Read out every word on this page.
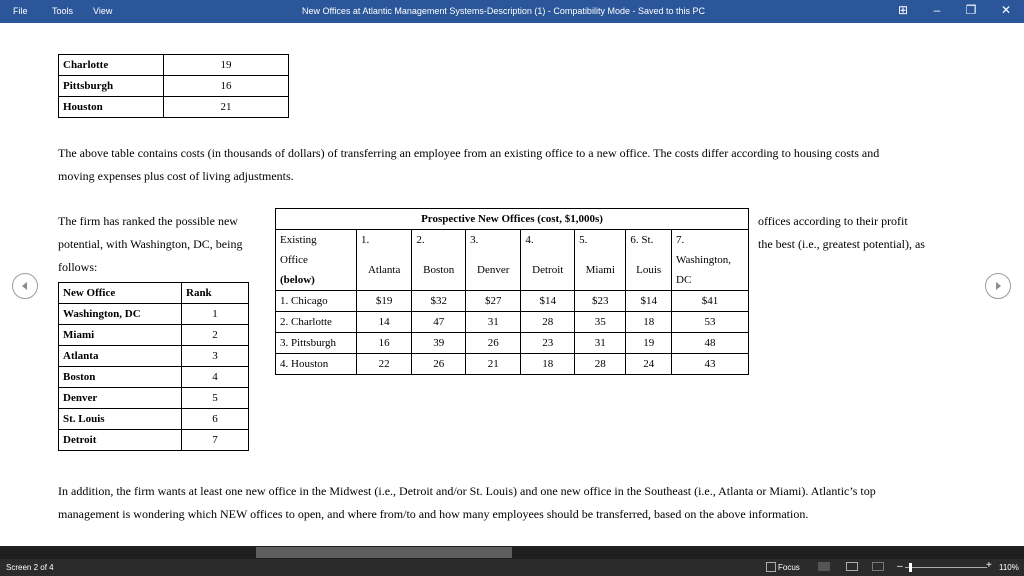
File	Tools View	New Offices at Atlantic Management Systems-Description (1) - Compatibility Mode - Saved to this PC	⊞	–	❐	✕
Charlotte	19
Pittsburgh	16
Houston	21
The above table contains costs (in thousands of dollars) of transferring an employee from an existing office to a new office. The costs differ according to housing costs and
moving expenses plus cost of living adjustments.
The firm has ranked the possible new
potential, with Washington, DC, being
follows:
offices according to their profit
the best (i.e., greatest potential), as
New Office	Rank
Washington, DC	1
Miami	2
Atlanta	3
Boston	4
Denver	5
St. Louis	6
Detroit	7
Prospective New Offices (cost, $1,000s)							
Existing	1.	2.	3.	4.	5.	6. St.	7.
Office	Atlanta	Boston	Denver	Detroit	Miami	Louis	Washington,
(below)							DC
1. Chicago	$19	$32	$27	$14	$23	$14	$41
2. Charlotte	14	47	31	28	35	18	53
3. Pittsburgh	16	39	26	23	31	19	48
4. Houston	22	26	21	18	28	24	43
In addition, the firm wants at least one new office in the Midwest (i.e., Detroit and/or St. Louis) and one new office in the Southeast (i.e., Atlanta or Miami). Atlantic’s top
management is wondering which NEW offices to open, and where from/to and how many employees should be transferred, based on the above information.
Screen 2 of 4	Focus	–	+ 110%
